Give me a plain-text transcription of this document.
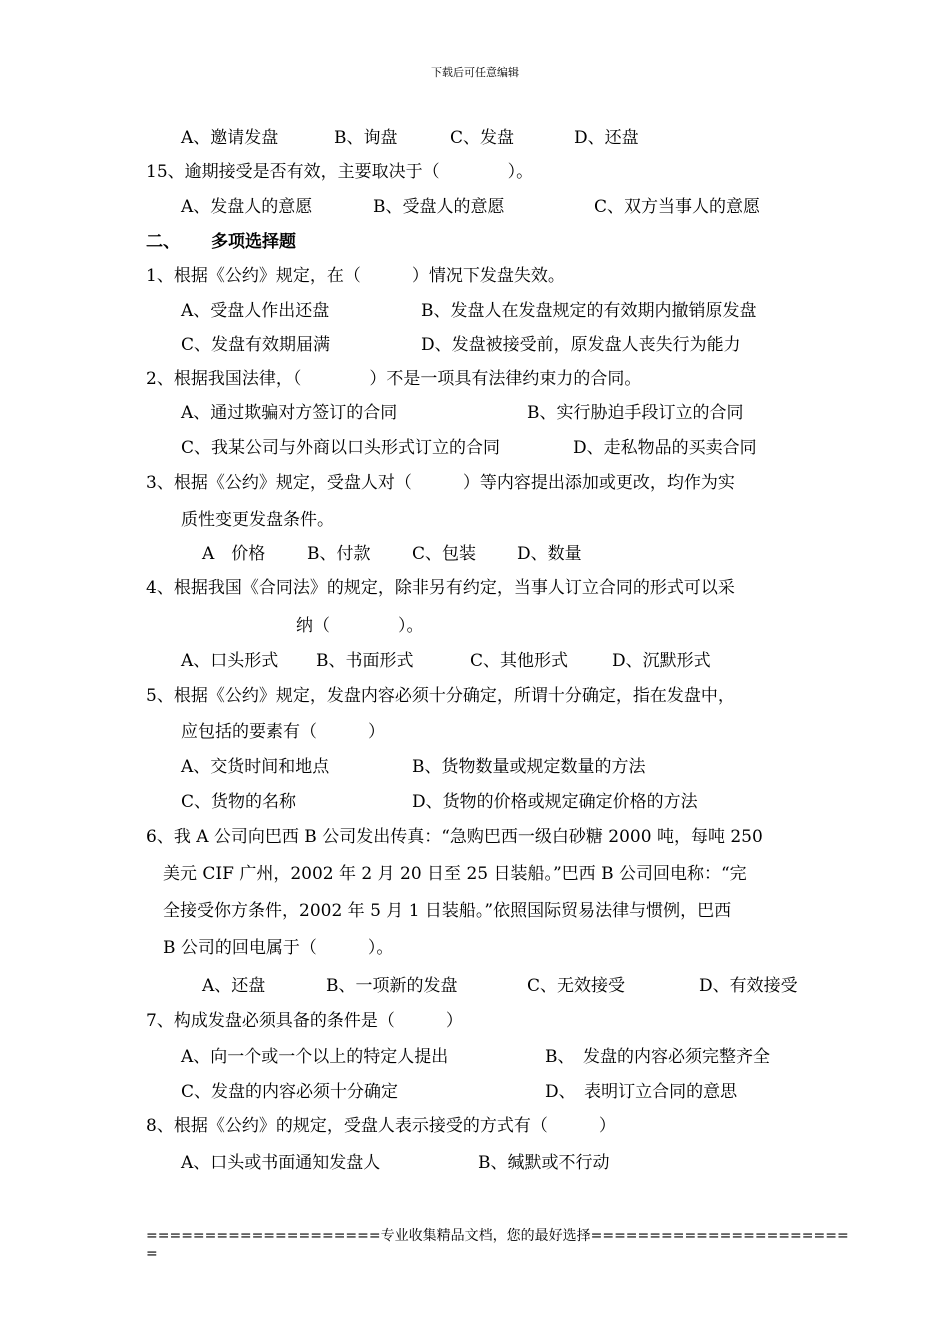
下载后可任意编辑
A、邀请发盘	B、询盘	C、发盘	D、还盘
15、逾期接受是否有效，主要取决于（　　　　）。
A、发盘人的意愿	B、受盘人的意愿	C、双方当事人的意愿
二、 多项选择题
1、根据《公约》规定，在（　　　）情况下发盘失效。
A、受盘人作出还盘	B、发盘人在发盘规定的有效期内撤销原发盘
C、发盘有效期届满	D、发盘被接受前，原发盘人丧失行为能力
2、根据我国法律，（　　　　）不是一项具有法律约束力的合同。
A、通过欺骗对方签订的合同	B、实行胁迫手段订立的合同
C、我某公司与外商以口头形式订立的合同	D、走私物品的买卖合同
3、根据《公约》规定，受盘人对（　　　）等内容提出添加或更改，均作为实
质性变更发盘条件。
A　价格 B、付款 C、包装 D、数量
4、根据我国《合同法》的规定，除非另有约定，当事人订立合同的形式可以采
纳（　　　　）。
A、口头形式 B、书面形式	C、其他形式	D、沉默形式
5、根据《公约》规定，发盘内容必须十分确定，所谓十分确定，指在发盘中，
应包括的要素有（　　　）
A、交货时间和地点	B、货物数量或规定数量的方法
C、货物的名称	D、货物的价格或规定确定价格的方法
6、我 A 公司向巴西 B 公司发出传真：“急购巴西一级白砂糖 2000 吨，每吨 250
美元 CIF 广州，2002 年 2 月 20 日至 25 日装船。”巴西 B 公司回电称：“完
全接受你方条件，2002 年 5 月 1 日装船。”依照国际贸易法律与惯例，巴西
B 公司的回电属于（　　　）。
A、还盘	B、一项新的发盘	C、无效接受	D、有效接受
7、构成发盘必须具备的条件是（　　　）
A、向一个或一个以上的特定人提出	B、　发盘的内容必须完整齐全
C、发盘的内容必须十分确定	D、　表明订立合同的意思
8、根据《公约》的规定，受盘人表示接受的方式有（　　　）
A、口头或书面通知发盘人	B、缄默或不行动
====================专业收集精品文档，您的最好选择======================
=
